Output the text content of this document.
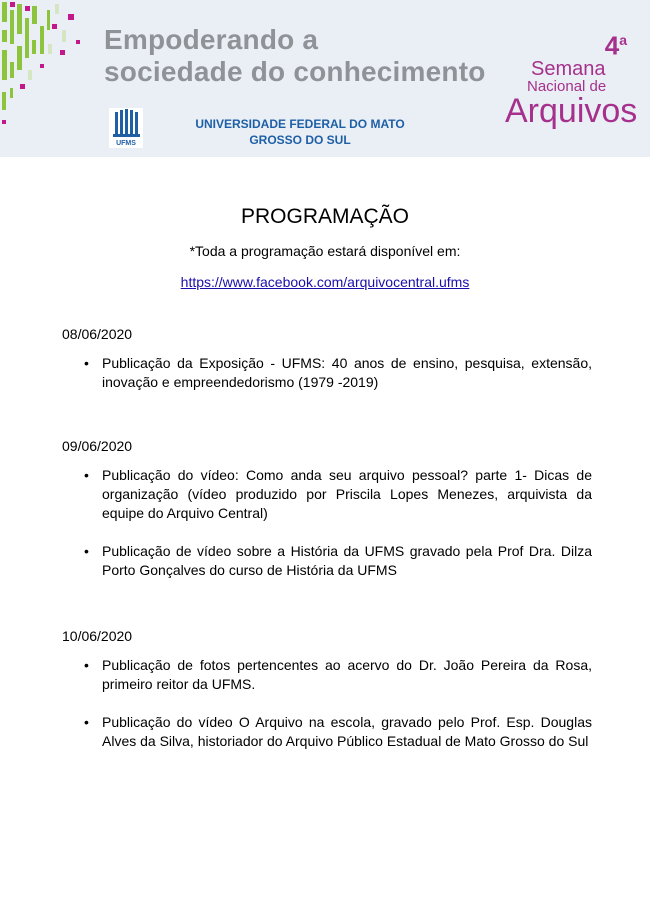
Empoderando a
sociedade do conhecimento
UFMS
UNIVERSIDADE FEDERAL DO MATO
GROSSO DO SUL
4$^a$
Semana
Nacional de
Arquivos
PROGRAMAÇÃO
*Toda a programação estará disponível em:
https://www.facebook.com/arquivocentral.ufms

08/06/2020

• Publicação da Exposição - UFMS: 40 anos de ensino, pesquisa, extensão, inovação e empreendedorismo (1979 -2019)

09/06/2020

• Publicação do vídeo: Como anda seu arquivo pessoal? parte 1- Dicas de organização (vídeo produzido por Priscila Lopes Menezes, arquivista da equipe do Arquivo Central)
• Publicação de vídeo sobre a História da UFMS gravado pela Prof Dra. Dilza Porto Gonçalves do curso de História da UFMS

10/06/2020

• Publicação de fotos pertencentes ao acervo do Dr. João Pereira da Rosa, primeiro reitor da UFMS.
• Publicação do vídeo O Arquivo na escola, gravado pelo Prof. Esp. Douglas Alves da Silva, historiador do Arquivo Público Estadual de Mato Grosso do Sul
